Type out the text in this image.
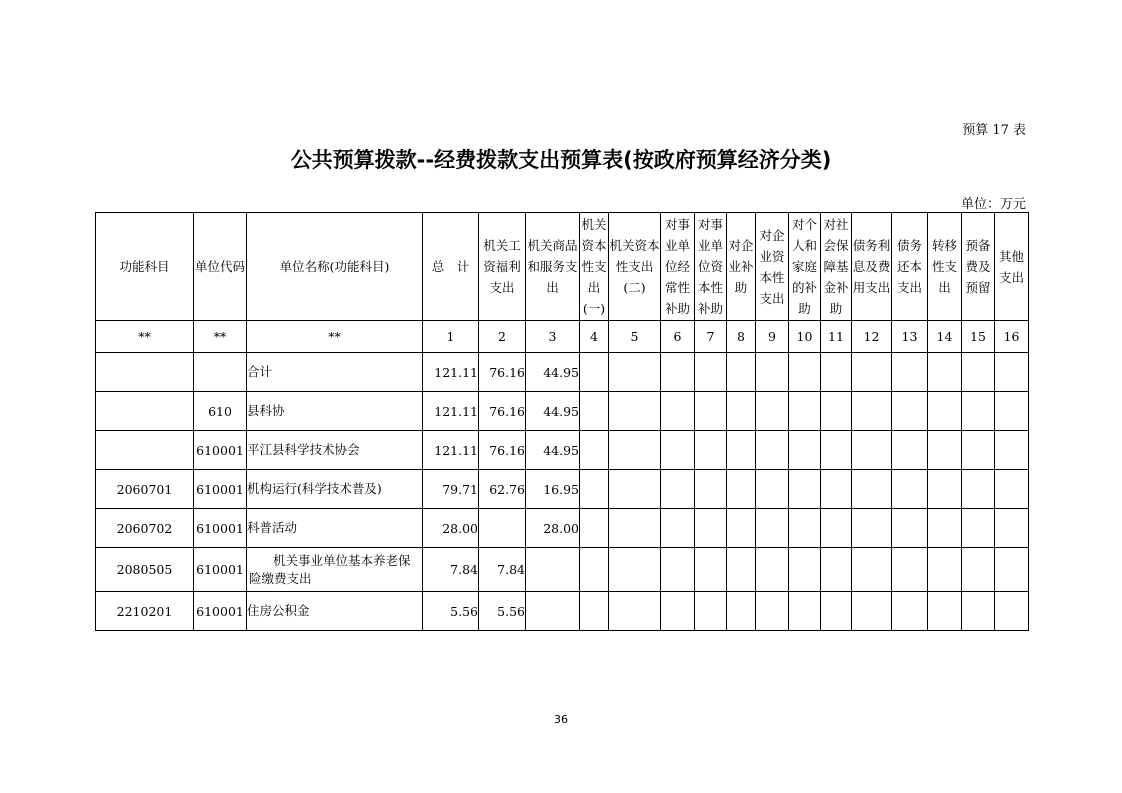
预算 17 表
公共预算拨款--经费拨款支出预算表(按政府预算经济分类)
单位：万元
功能科目	单位代码	单位名称(功能科目)	总　计	机关工资福利支出	机关商品和服务支出	机关资本性支出(一)	机关资本性支出(二)	对事业单位经常性补助	对事业单位资本性补助	对企业补助	对企业资本性支出	对个人和家庭的补助	对社会保障基金补助	债务利息及费用支出	债务还本支出	转移性支出	预备费及预留	其他支出
**	**	**	1	2	3	4	5	6	7	8	9	10	11	12	13	14	15	16
		合计	121.11	76.16	44.95													
	610	县科协	121.11	76.16	44.95													
	610001	平江县科学技术协会	121.11	76.16	44.95													
2060701	610001	机构运行(科学技术普及)	79.71	62.76	16.95													
2060702	610001	科普活动	28.00		28.00													
2080505	610001	机关事业单位基本养老保险缴费支出	7.84	7.84														
2210201	610001	住房公积金	5.56	5.56														
36
